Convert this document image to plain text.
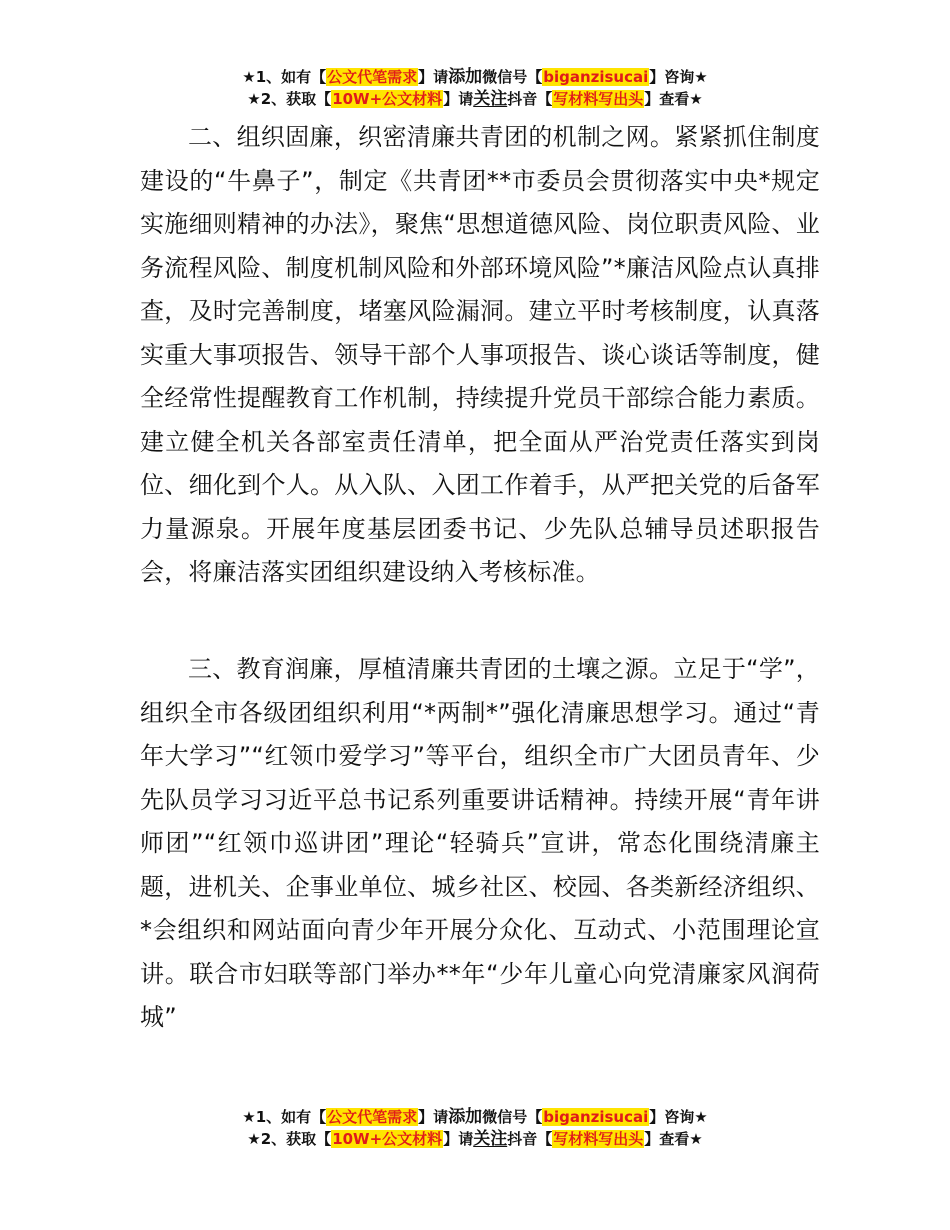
★1、如有【公文代笔需求】请添加微信号【biganzisucai】咨询★
★2、获取【10W+公文材料】请关注抖音【写材料写出头】查看★

二、组织固廉，织密清廉共青团的机制之网。紧紧抓住制度建设的“牛鼻子”，制定《共青团**市委员会贯彻落实中央*规定实施细则精神的办法》，聚焦“思想道德风险、岗位职责风险、业务流程风险、制度机制风险和外部环境风险”*廉洁风险点认真排查，及时完善制度，堵塞风险漏洞。建立平时考核制度，认真落实重大事项报告、领导干部个人事项报告、谈心谈话等制度，健全经常性提醒教育工作机制，持续提升党员干部综合能力素质。建立健全机关各部室责任清单，把全面从严治党责任落实到岗位、细化到个人。从入队、入团工作着手，从严把关党的后备军力量源泉。开展年度基层团委书记、少先队总辅导员述职报告会，将廉洁落实团组织建设纳入考核标准。

三、教育润廉，厚植清廉共青团的土壤之源。立足于“学”，组织全市各级团组织利用“*两制*”强化清廉思想学习。通过“青年大学习”“红领巾爱学习”等平台，组织全市广大团员青年、少先队员学习习近平总书记系列重要讲话精神。持续开展“青年讲师团”“红领巾巡讲团”理论“轻骑兵”宣讲，常态化围绕清廉主题，进机关、企事业单位、城乡社区、校园、各类新经济组织、*会组织和网站面向青少年开展分众化、互动式、小范围理论宣讲。联合市妇联等部门举办**年“少年儿童心向党清廉家风润荷城”

★1、如有【公文代笔需求】请添加微信号【biganzisucai】咨询★
★2、获取【10W+公文材料】请关注抖音【写材料写出头】查看★
